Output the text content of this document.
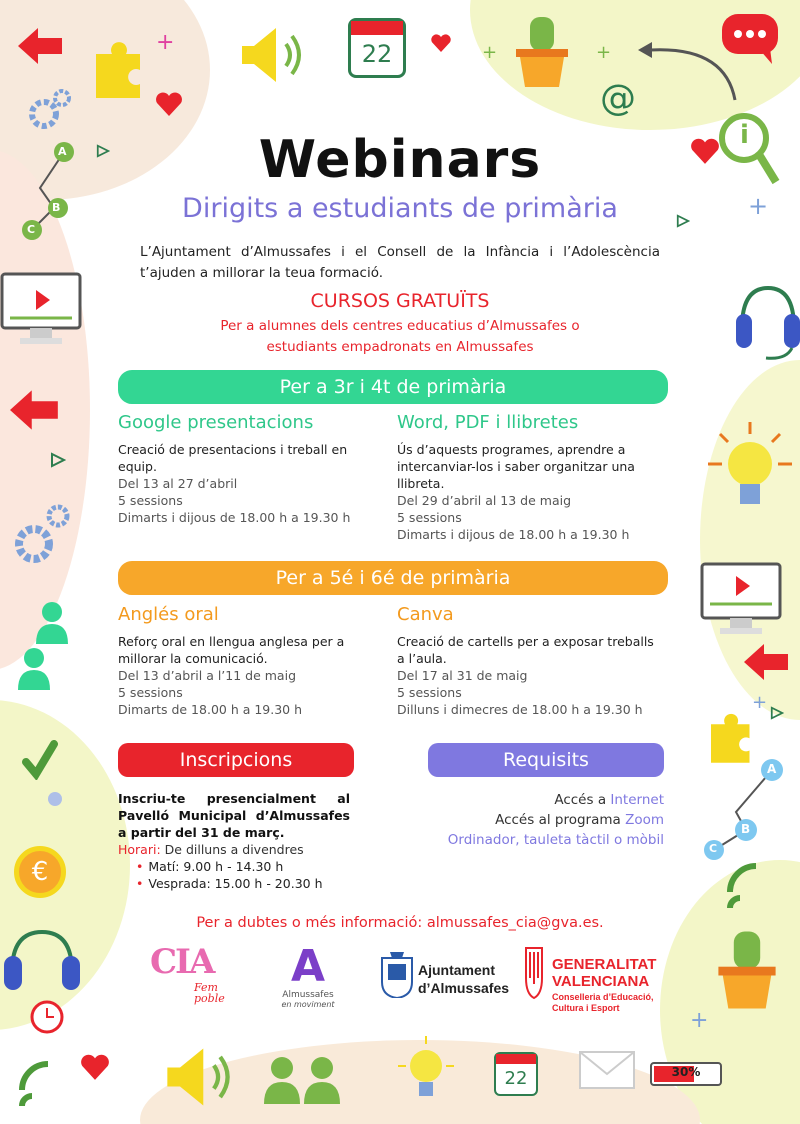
22
@
i
A
B
C
A
B
C
€
22	30%
+	+	+
+
+
+
Webinars
Dirigits a estudiants de primària
L’Ajuntament d’Almussafes i el Consell de la Infància i l’Adolescència t’ajuden a millorar la teua formació.
CURSOS GRATUÏTS
Per a alumnes dels centres educatius d’Almussafes o estudiants empadronats en Almussafes
Per a 3r i 4t de primària
Google presentacions
Creació de presentacions i treball en equip.
Del 13 al 27 d’abril
5 sessions
Dimarts i dijous de 18.00 h a 19.30 h
Word, PDF i llibretes
Ús d’aquests programes, aprendre a intercanviar-los i saber organitzar una llibreta.
Del 29 d’abril al 13 de maig
5 sessions
Dimarts i dijous de 18.00 h a 19.30 h
Per a 5é i 6é de primària
Anglés oral
Reforç oral en llengua anglesa per a millorar la comunicació.
Del 13 d’abril a l’11 de maig
5 sessions
Dimarts de 18.00 h a 19.30 h
Canva
Creació de cartells per a exposar treballs a l’aula.
Del 17 al 31 de maig
5 sessions
Dilluns i dimecres de 18.00 h a 19.30 h
Inscripcions	Requisits
Inscriu-te presencialment al Pavelló Municipal d’Almussafes a partir del 31 de març.
Horari: De dilluns a divendres
• Matí: 9.00 h - 14.30 h
• Vesprada: 15.00 h - 20.30 h
Accés a Internet
Accés al programa Zoom
Ordinador, tauleta tàctil o mòbil
Per a dubtes o més informació: almussafes_cia@gva.es.
CIA
Fem poble
A
Almussafes
en moviment
Ajuntament
d’Almussafes
GENERALITAT
VALENCIANA
Conselleria d’Educació,
Cultura i Esport
